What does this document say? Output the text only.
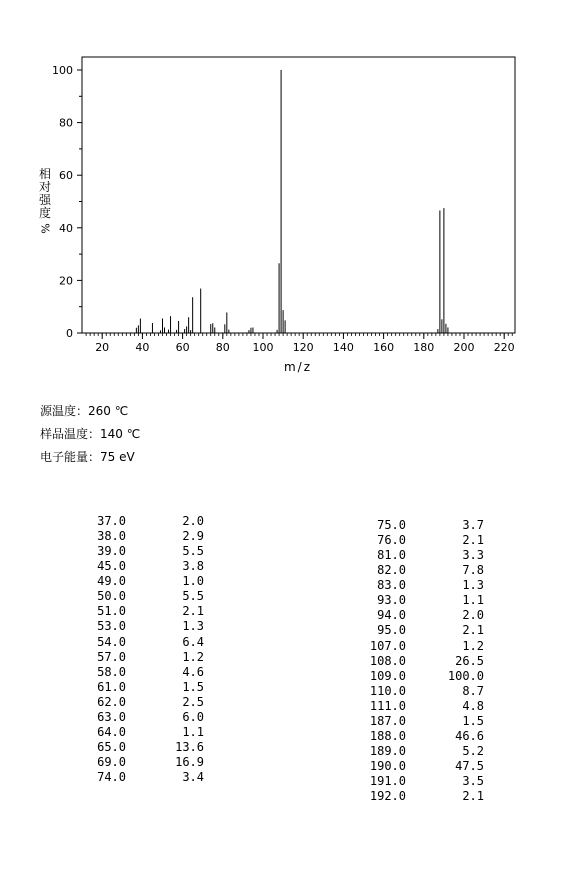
0
20
40
60
80
100
20 40 60 80 100 120 140 160 180 200 220
m/z
相对强度
%
源温度：260 ℃
样品温度：140 ℃
电子能量：75 eV
37.0	2.0
38.0	2.9
39.0	5.5
45.0	3.8
49.0	1.0
50.0	5.5
51.0	2.1
53.0	1.3
54.0	6.4
57.0	1.2
58.0	4.6
61.0	1.5
62.0	2.5
63.0	6.0
64.0	1.1
65.0	13.6
69.0	16.9
74.0	3.4
75.0	3.7
76.0	2.1
81.0	3.3
82.0	7.8
83.0	1.3
93.0	1.1
94.0	2.0
95.0	2.1
107.0	1.2
108.0	26.5
109.0	100.0
110.0	8.7
111.0	4.8
187.0	1.5
188.0	46.6
189.0	5.2
190.0	47.5
191.0	3.5
192.0	2.1
